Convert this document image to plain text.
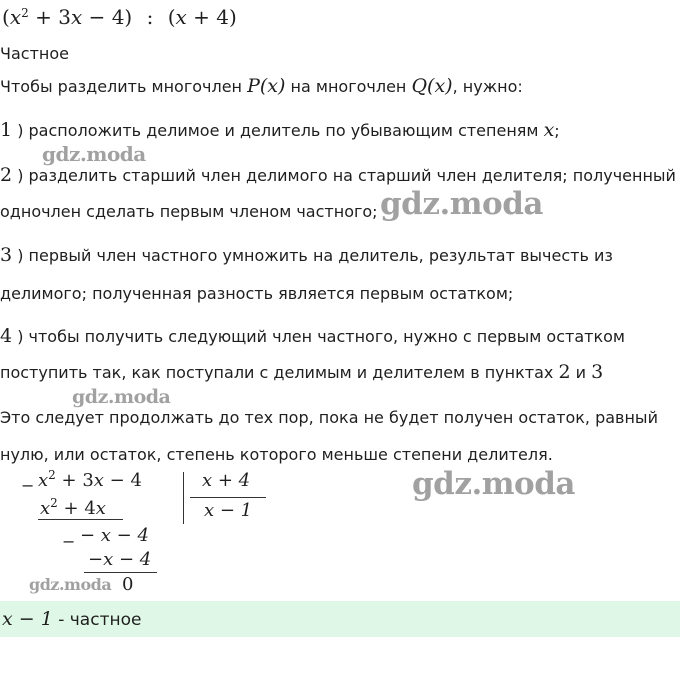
$(x^2 + 3x - 4)$ : (x + 4)
Частное
Чтобы разделить многочлен P(x) на многочлен Q(x), нужно:
1 ) расположить делимое и делитель по убывающим степеням x;
2 ) разделить старший член делимого на старший член делителя; полученный
одночлен сделать первым членом частного;
3 ) первый член частного умножить на делитель, результат вычесть из
делимого; полученная разность является первым остатком;
4 ) чтобы получить следующий член частного, нужно с первым остатком
поступить так, как поступали с делимым и делителем в пунктах 2 и 3
Это следует продолжать до тех пор, пока не будет получен остаток, равный
нулю, или остаток, степень которого меньше степени делителя.
− $x^2 + 3x - 4$
$x^2 + 4x$
x + 4
x − 1
− − x − 4
−x − 4
0
x − 1 - частное
gdz.moda
gdz.moda
gdz.moda
gdz.moda
gdz.moda
